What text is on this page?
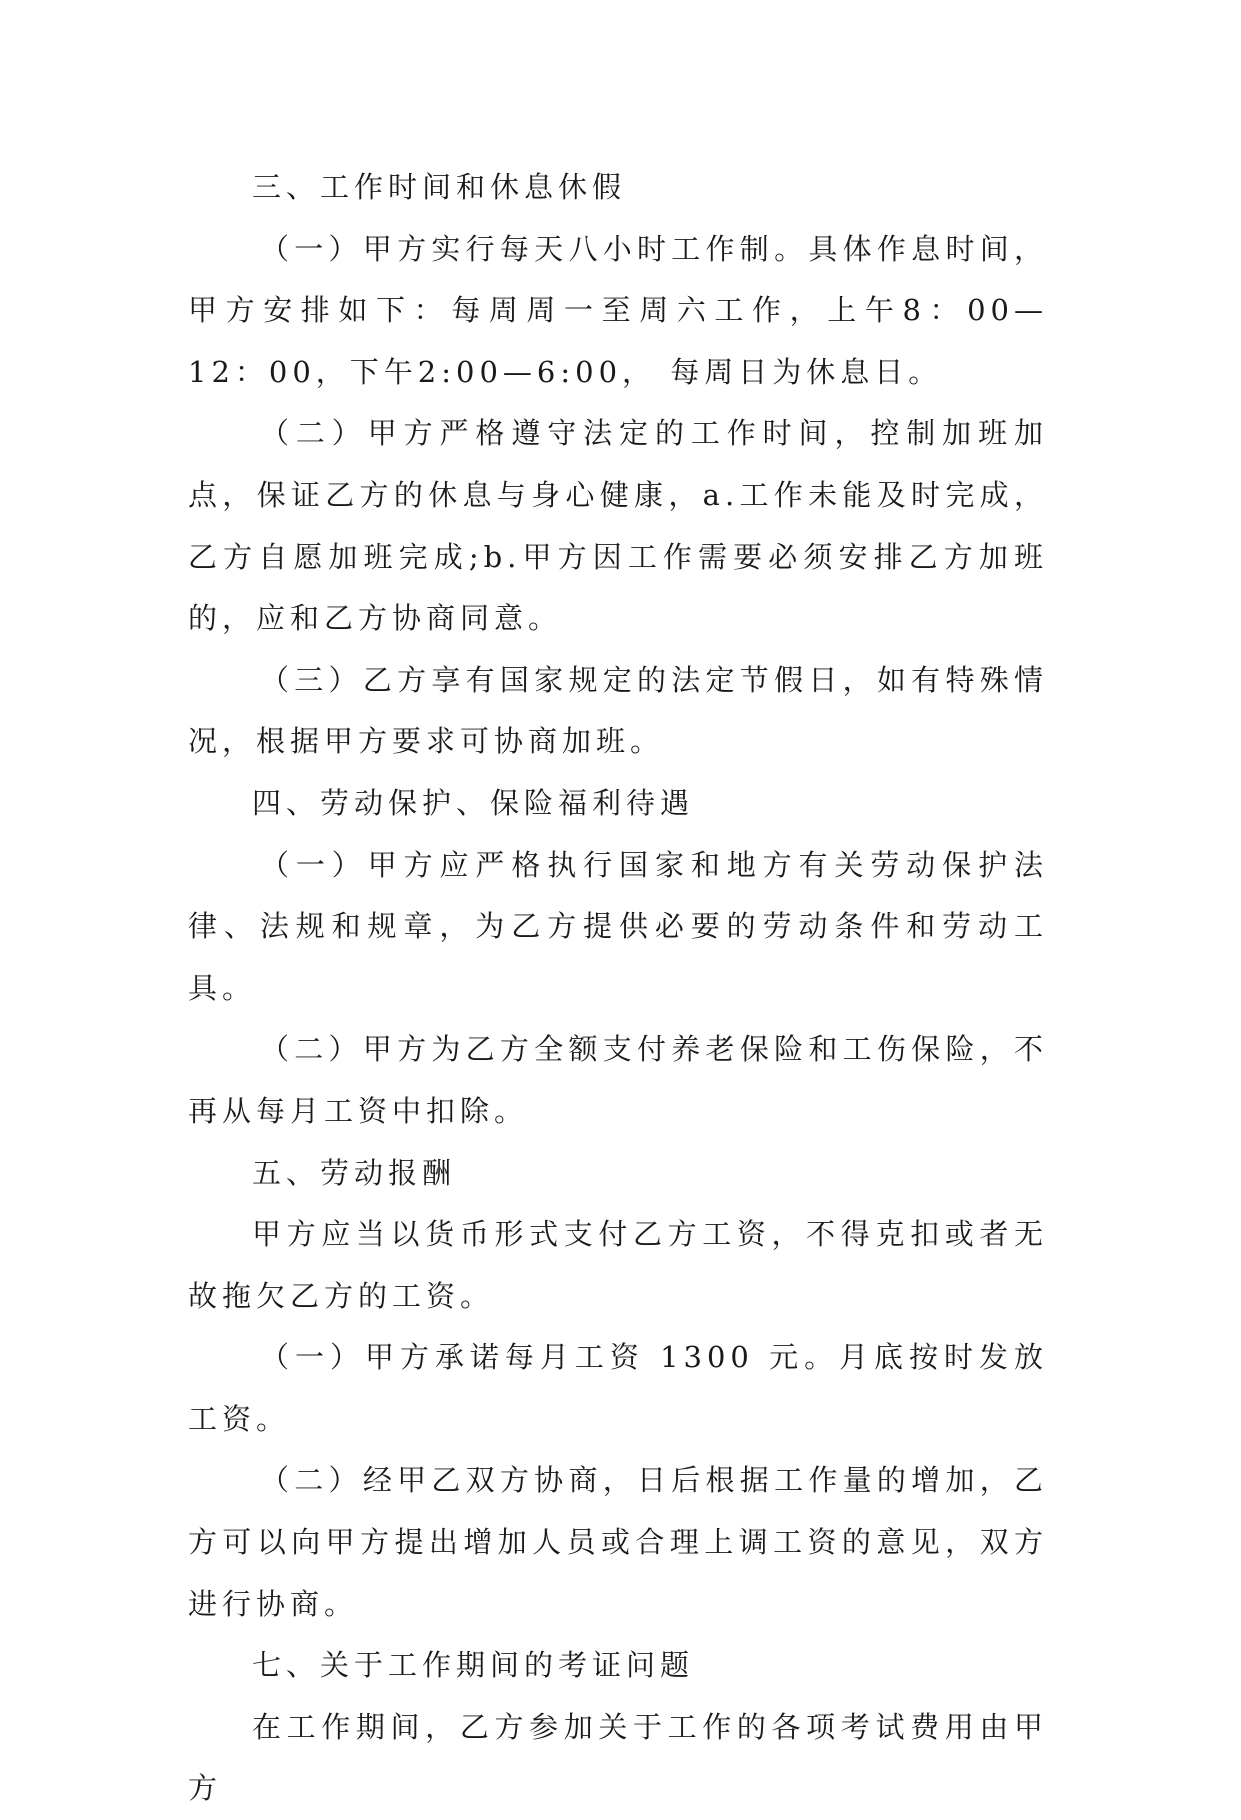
三、工作时间和休息休假

（一）甲方实行每天八小时工作制。具体作息时间，甲方安排如下：每周周一至周六工作，上午8：00—12：00，下午2:00—6:00， 每周日为休息日。

（二）甲方严格遵守法定的工作时间，控制加班加点，保证乙方的休息与身心健康，a.工作未能及时完成，乙方自愿加班完成;b.甲方因工作需要必须安排乙方加班的，应和乙方协商同意。

（三）乙方享有国家规定的法定节假日，如有特殊情况，根据甲方要求可协商加班。

四、劳动保护、保险福利待遇

（一）甲方应严格执行国家和地方有关劳动保护法律、法规和规章，为乙方提供必要的劳动条件和劳动工具。

（二）甲方为乙方全额支付养老保险和工伤保险，不再从每月工资中扣除。

五、劳动报酬

甲方应当以货币形式支付乙方工资，不得克扣或者无故拖欠乙方的工资。

（一）甲方承诺每月工资 1300 元。月底按时发放工资。

（二）经甲乙双方协商，日后根据工作量的增加，乙方可以向甲方提出增加人员或合理上调工资的意见，双方进行协商。

七、关于工作期间的考证问题

在工作期间，乙方参加关于工作的各项考试费用由甲方
